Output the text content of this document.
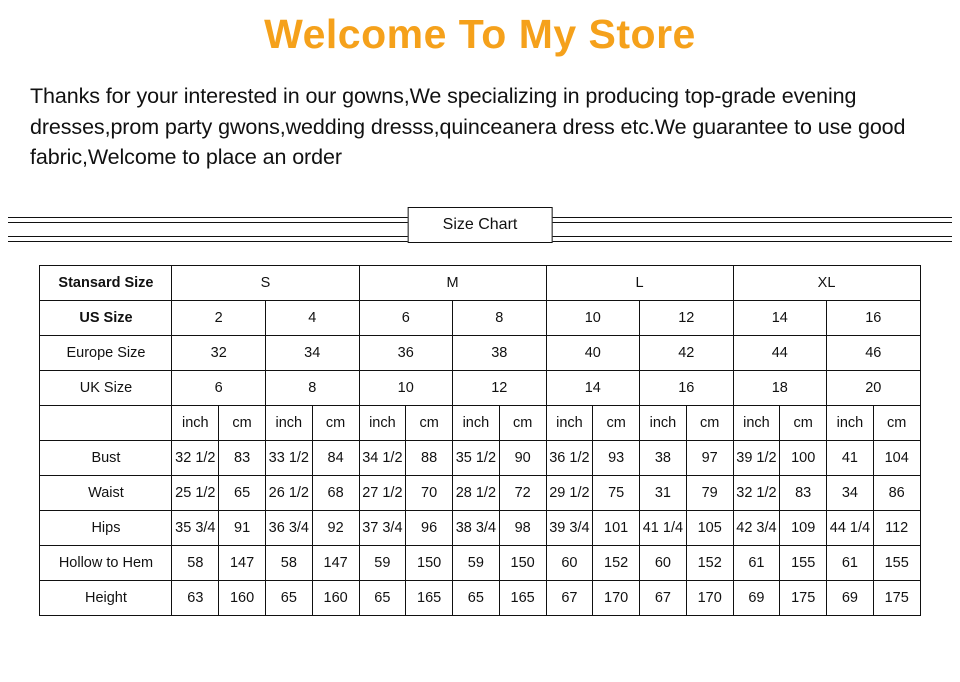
Welcome To My Store

Thanks for your interested in our gowns,We specializing in producing top-grade evening dresses,prom party gwons,wedding dresss,quinceanera dress etc.We guarantee to use good fabric,Welcome to place an order

Size Chart
Stansard Size	S				M				L				XL			
US Size	2		4		6		8		10		12		14		16	
Europe Size	32		34		36		38		40		42		44		46	
UK Size	6		8		10		12		14		16		18		20	
	inch	cm	inch	cm	inch	cm	inch	cm	inch	cm	inch	cm	inch	cm	inch	cm
Bust	32 1/2	83	33 1/2	84	34 1/2	88	35 1/2	90	36 1/2	93	38	97	39 1/2	100	41	104
Waist	25 1/2	65	26 1/2	68	27 1/2	70	28 1/2	72	29 1/2	75	31	79	32 1/2	83	34	86
Hips	35 3/4	91	36 3/4	92	37 3/4	96	38 3/4	98	39 3/4	101	41 1/4	105	42 3/4	109	44 1/4	112
Hollow to Hem	58	147	58	147	59	150	59	150	60	152	60	152	61	155	61	155
Height	63	160	65	160	65	165	65	165	67	170	67	170	69	175	69	175
